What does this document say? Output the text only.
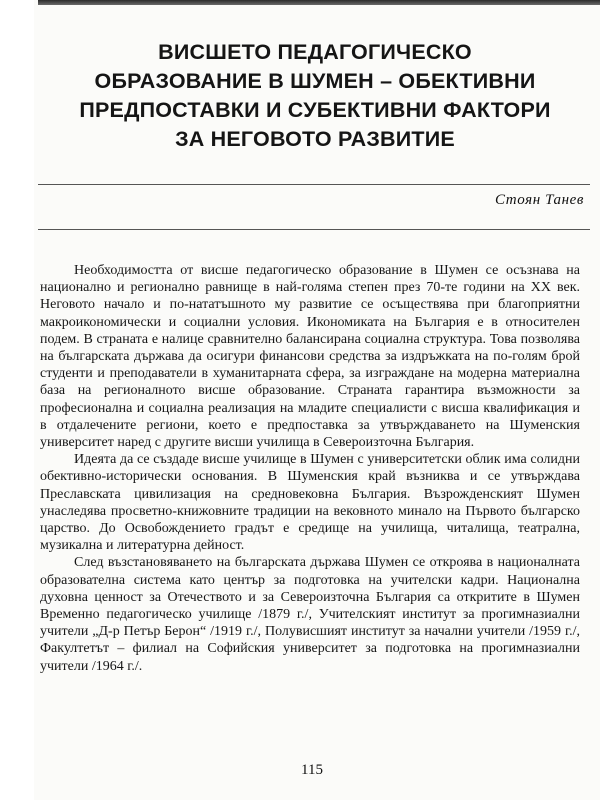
ВИСШЕТО ПЕДАГОГИЧЕСКО
ОБРАЗОВАНИЕ В ШУМЕН – ОБЕКТИВНИ
ПРЕДПОСТАВКИ И СУБЕКТИВНИ ФАКТОРИ
ЗА НЕГОВОТО РАЗВИТИЕ
Стоян Танев

Необходимостта от висше педагогическо образование в Шумен се осъзнава на национално и регионално равнище в най-голяма степен през 70-те години на XX век. Неговото начало и по-нататъшното му развитие се осъществява при благоприятни макроикономически и социални условия. Икономиката на България е в относителен подем. В страната е налице сравнително балансирана социална структура. Това позволява на българската държава да осигури финансови средства за издръжката на по-голям брой студенти и преподаватели в хуманитарната сфера, за изграждане на модерна материална база на регионалното висше образование. Страната гарантира възможности за професионална и социална реализация на младите специалисти с висша квалификация и в отдалечените региони, което е предпоставка за утвърждаването на Шуменския университет наред с другите висши училища в Североизточна България.

Идеята да се създаде висше училище в Шумен с университетски облик има солидни обективно-исторически основания. В Шуменския край възниква и се утвърждава Преславската цивилизация на средновековна България. Възрожденският Шумен унаследява просветно-книжовните традиции на вековното минало на Първото българско царство. До Освобождението градът е средище на училища, читалища, театрална, музикална и литературна дейност.

След възстановяването на българската държава Шумен се откроява в националната образователна система като център за подготовка на учителски кадри. Национална духовна ценност за Отечеството и за Североизточна България са откритите в Шумен Временно педагогическо училище /1879 г./, Учителският институт за прогимназиални учители „Д-р Петър Берон“ /1919 г./, Полувисшият институт за начални учители /1959 г./, Факултетът – филиал на Софийския университет за подготовка на прогимназиални учители /1964 г./.

115
